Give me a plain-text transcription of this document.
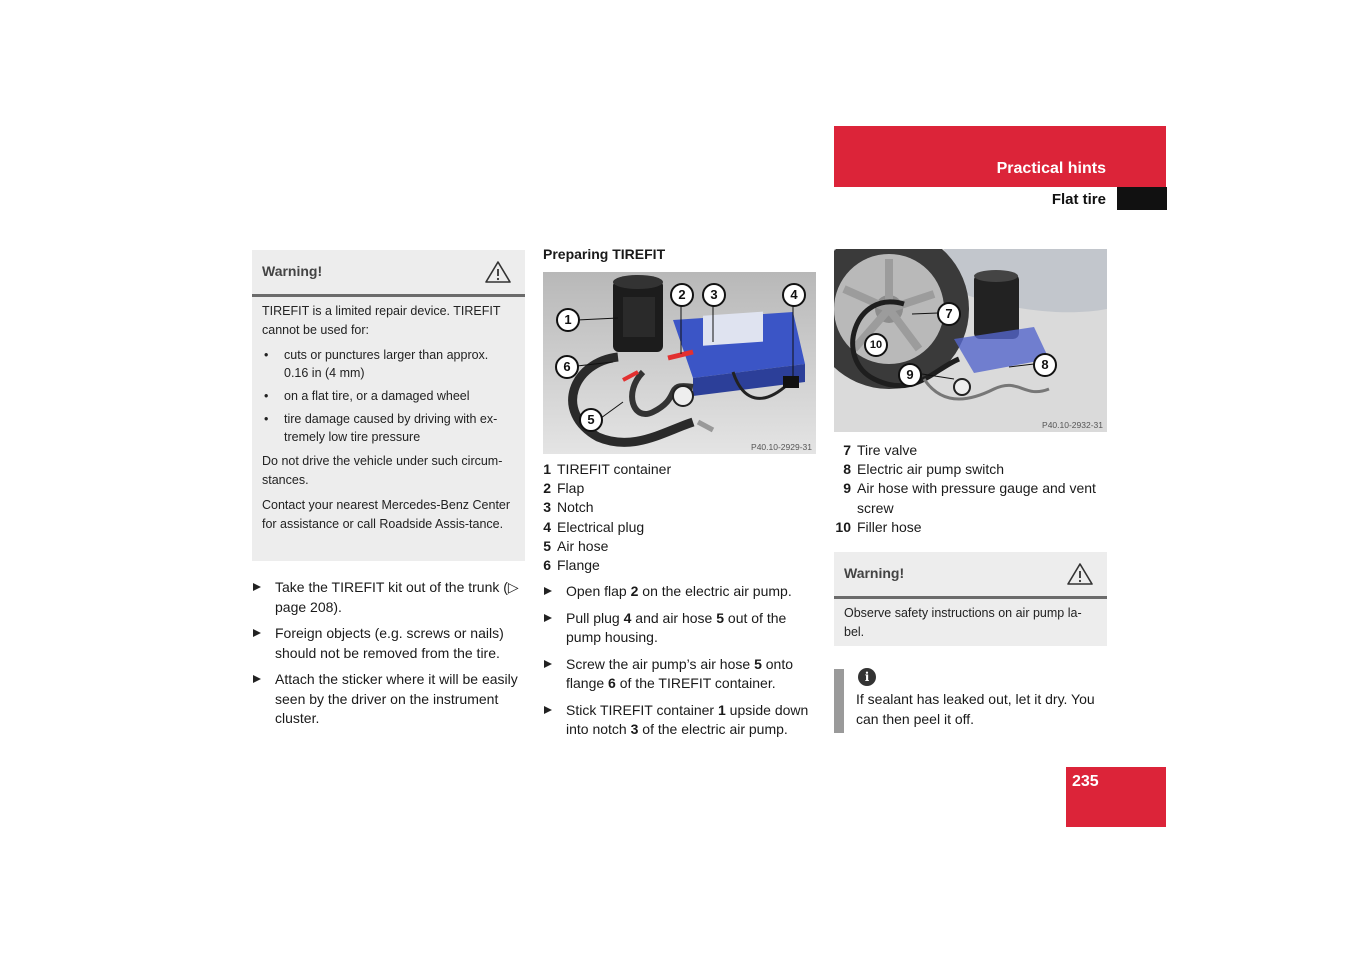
Practical hints
Flat tire
Warning!

TIREFIT is a limited repair device. TIREFIT cannot be used for:

• cuts or punctures larger than approx. 0.16 in (4 mm)
• on a flat tire, or a damaged wheel
• tire damage caused by driving with ex-tremely low tire pressure

Do not drive the vehicle under such circum-stances.

Contact your nearest Mercedes-Benz Center for assistance or call Roadside Assis-tance.

Take the TIREFIT kit out of the trunk (▷ page 208).
Foreign objects (e.g. screws or nails) should not be removed from the tire.
Attach the sticker where it will be easily seen by the driver on the instrument cluster.
Preparing TIREFIT
1
2	3	4
5
6
P40.10-2929-31
1 TIREFIT container
2 Flap
3 Notch
4 Electrical plug
5 Air hose
6 Flange
Open flap 2 on the electric air pump.
Pull plug 4 and air hose 5 out of the pump housing.
Screw the air pump’s air hose 5 onto flange 6 of the TIREFIT container.
Stick TIREFIT container 1 upside down into notch 3 of the electric air pump.
7
8
9
10
P40.10-2932-31
7 Tire valve
8 Electric air pump switch
9 Air hose with pressure gauge and vent screw
10 Filler hose
Warning!

Observe safety instructions on air pump la-bel.

i
If sealant has leaked out, let it dry. You can then peel it off.
235
